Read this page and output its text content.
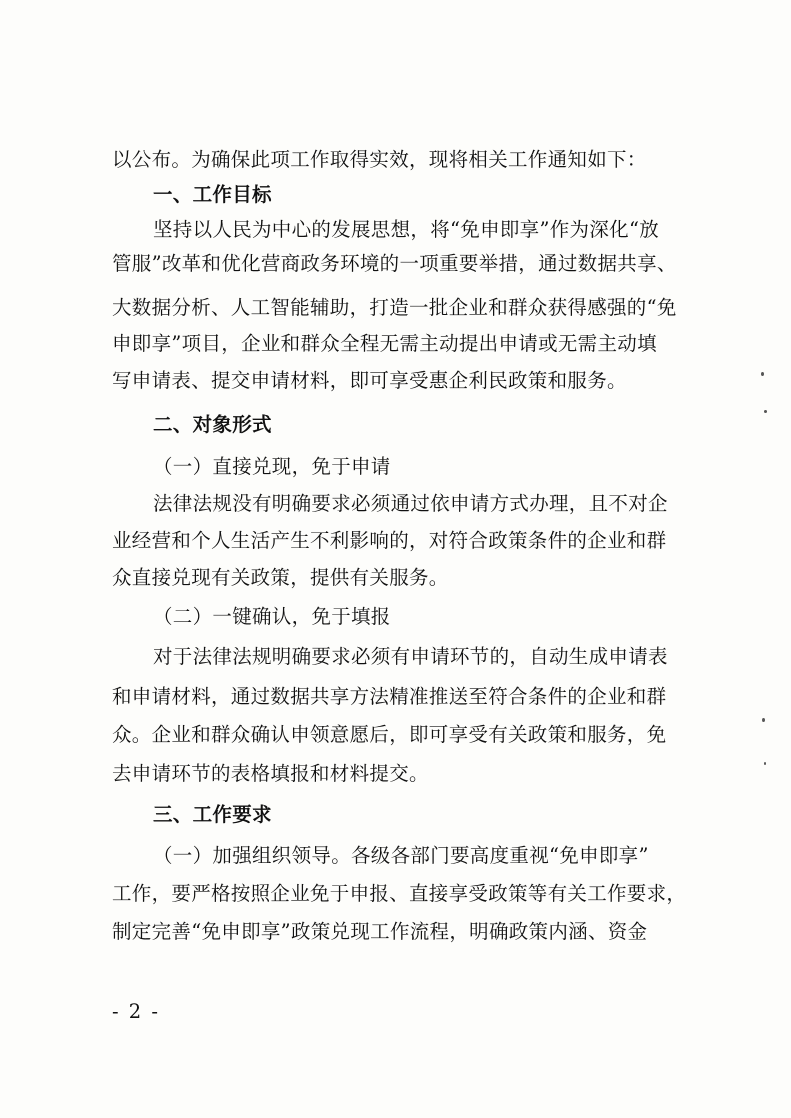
以公布。为确保此项工作取得实效，现将相关工作通知如下：
一、工作目标
坚持以人民为中心的发展思想，将“免申即享”作为深化“放
管服”改革和优化营商政务环境的一项重要举措，通过数据共享、
大数据分析、人工智能辅助，打造一批企业和群众获得感强的“免
申即享”项目，企业和群众全程无需主动提出申请或无需主动填
写申请表、提交申请材料，即可享受惠企利民政策和服务。
二、对象形式
（一）直接兑现，免于申请
法律法规没有明确要求必须通过依申请方式办理，且不对企
业经营和个人生活产生不利影响的，对符合政策条件的企业和群
众直接兑现有关政策，提供有关服务。
（二）一键确认，免于填报
对于法律法规明确要求必须有申请环节的，自动生成申请表
和申请材料，通过数据共享方法精准推送至符合条件的企业和群
众。企业和群众确认申领意愿后，即可享受有关政策和服务，免
去申请环节的表格填报和材料提交。
三、工作要求
（一）加强组织领导。各级各部门要高度重视“免申即享”
工作，要严格按照企业免于申报、直接享受政策等有关工作要求，
制定完善“免申即享”政策兑现工作流程，明确政策内涵、资金
- 2 -
